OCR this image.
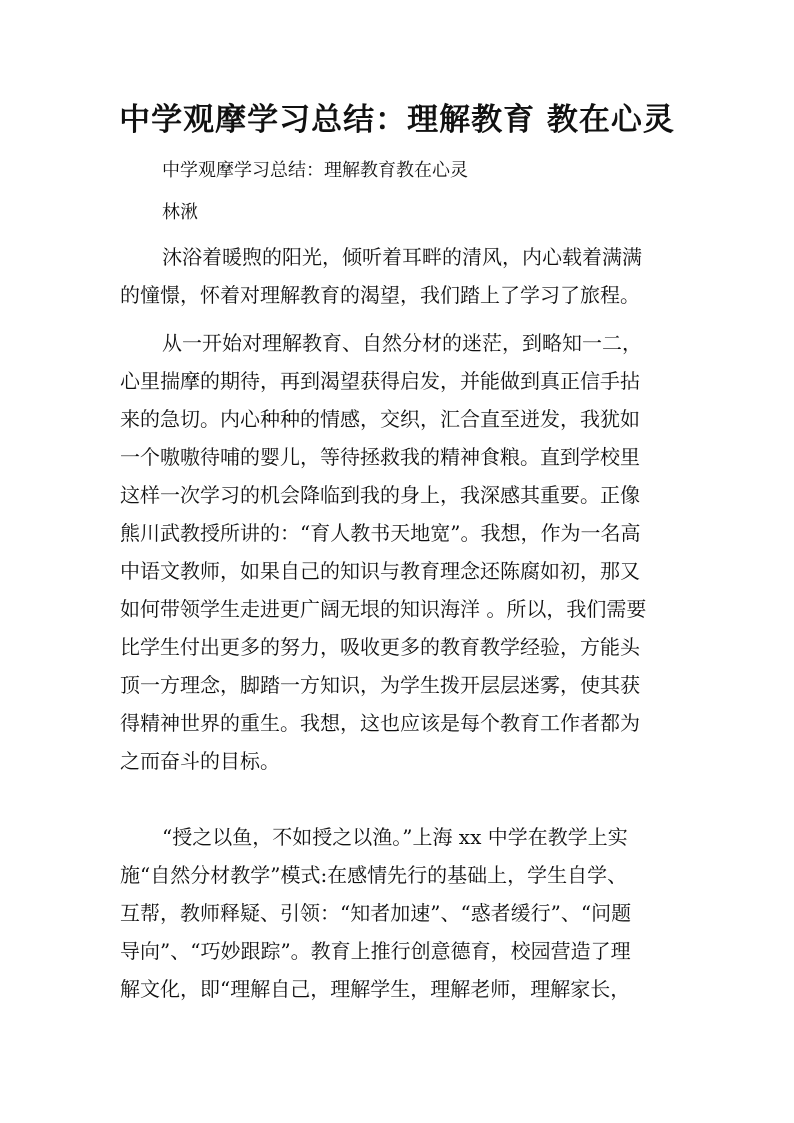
中学观摩学习总结：理解教育 教在心灵
中学观摩学习总结：理解教育教在心灵
林湫
沐浴着暖煦的阳光，倾听着耳畔的清风，内心载着满满
的憧憬，怀着对理解教育的渴望，我们踏上了学习了旅程。
从一开始对理解教育、自然分材的迷茫，到略知一二，
心里揣摩的期待，再到渴望获得启发，并能做到真正信手拈
来的急切。内心种种的情感，交织，汇合直至迸发，我犹如
一个嗷嗷待哺的婴儿，等待拯救我的精神食粮。直到学校里
这样一次学习的机会降临到我的身上，我深感其重要。正像
熊川武教授所讲的：“育人教书天地宽”。我想，作为一名高
中语文教师，如果自己的知识与教育理念还陈腐如初，那又
如何带领学生走进更广阔无垠的知识海洋 。所以，我们需要
比学生付出更多的努力，吸收更多的教育教学经验，方能头
顶一方理念，脚踏一方知识，为学生拨开层层迷雾，使其获
得精神世界的重生。我想，这也应该是每个教育工作者都为
之而奋斗的目标。
“授之以鱼，不如授之以渔。”上海 xx 中学在教学上实
施“自然分材教学”模式:在感情先行的基础上，学生自学、
互帮，教师释疑、引领：“知者加速”、“惑者缓行”、“问题
导向”、“巧妙跟踪”。教育上推行创意德育，校园营造了理
解文化，即“理解自己，理解学生，理解老师，理解家长，
